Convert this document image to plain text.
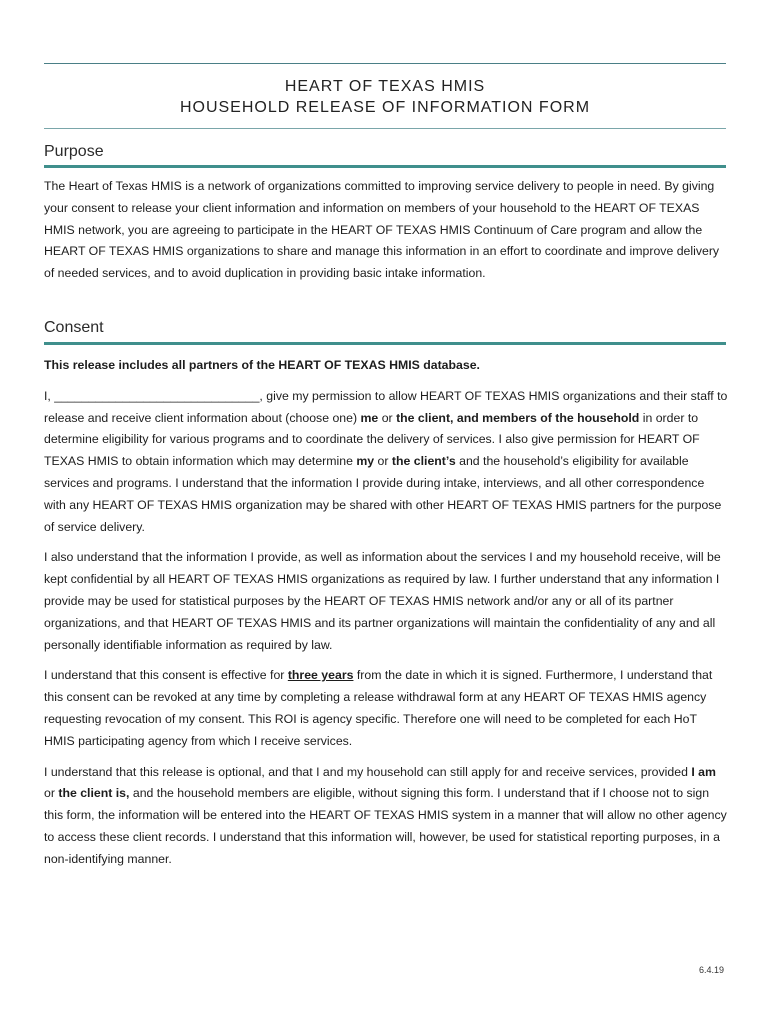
HEART OF TEXAS HMIS
HOUSEHOLD RELEASE OF INFORMATION FORM
Purpose

The Heart of Texas HMIS is a network of organizations committed to improving service delivery to people in need. By giving your consent to release your client information and information on members of your household to the HEART OF TEXAS HMIS network, you are agreeing to participate in the HEART OF TEXAS HMIS Continuum of Care program and allow the HEART OF TEXAS HMIS organizations to share and manage this information in an effort to coordinate and improve delivery of needed services, and to avoid duplication in providing basic intake information.

Consent

This release includes all partners of the HEART OF TEXAS HMIS database.

I, ______________________________, give my permission to allow HEART OF TEXAS HMIS organizations and their staff to release and receive client information about (choose one) me or the client, and members of the household in order to determine eligibility for various programs and to coordinate the delivery of services. I also give permission for HEART OF TEXAS HMIS to obtain information which may determine my or the client’s and the household’s eligibility for available services and programs. I understand that the information I provide during intake, interviews, and all other correspondence with any HEART OF TEXAS HMIS organization may be shared with other HEART OF TEXAS HMIS partners for the purpose of service delivery.

I also understand that the information I provide, as well as information about the services I and my household receive, will be kept confidential by all HEART OF TEXAS HMIS organizations as required by law. I further understand that any information I provide may be used for statistical purposes by the HEART OF TEXAS HMIS network and/or any or all of its partner organizations, and that HEART OF TEXAS HMIS and its partner organizations will maintain the confidentiality of any and all personally identifiable information as required by law.

I understand that this consent is effective for three years from the date in which it is signed. Furthermore, I understand that this consent can be revoked at any time by completing a release withdrawal form at any HEART OF TEXAS HMIS agency requesting revocation of my consent. This ROI is agency specific. Therefore one will need to be completed for each HoT HMIS participating agency from which I receive services.

I understand that this release is optional, and that I and my household can still apply for and receive services, provided I am or the client is, and the household members are eligible, without signing this form. I understand that if I choose not to sign this form, the information will be entered into the HEART OF TEXAS HMIS system in a manner that will allow no other agency to access these client records. I understand that this information will, however, be used for statistical reporting purposes, in a non-identifying manner.

6.4.19
